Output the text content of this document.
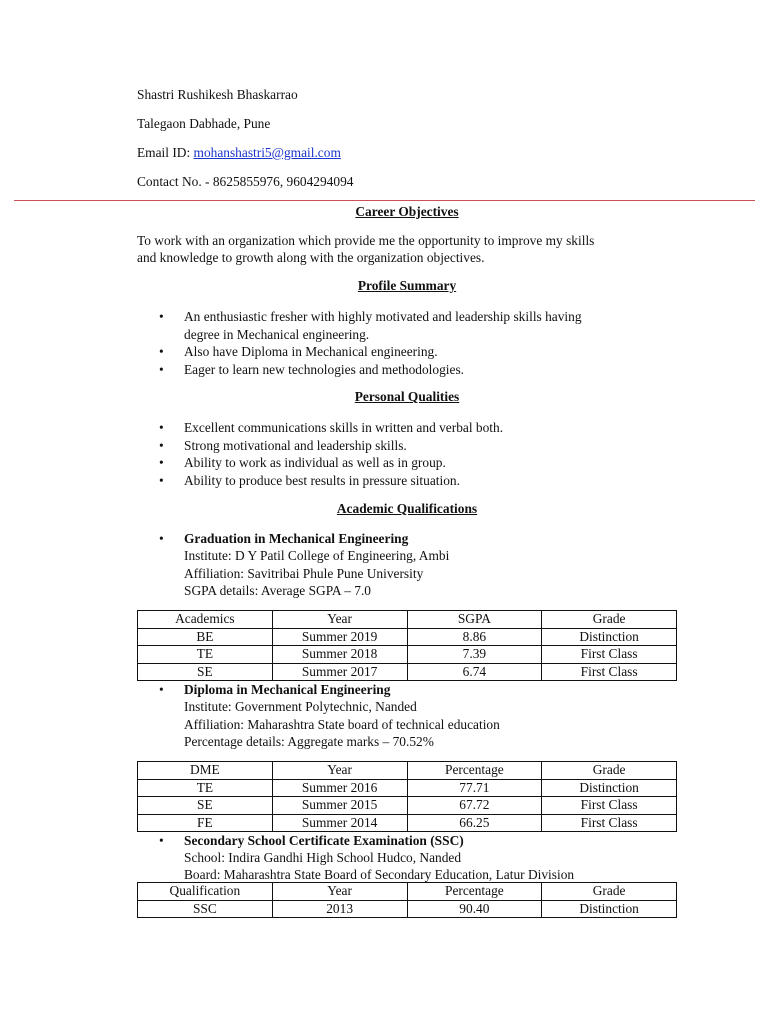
Shastri Rushikesh Bhaskarrao
Talegaon Dabhade, Pune
Email ID: mohanshastri5@gmail.com
Contact No. - 8625855976, 9604294094
Career Objectives
To work with an organization which provide me the opportunity to improve my skills
and knowledge to growth along with the organization objectives.
Profile Summary
• An enthusiastic fresher with highly motivated and leadership skills having
degree in Mechanical engineering.
• Also have Diploma in Mechanical engineering.
• Eager to learn new technologies and methodologies.
Personal Qualities
• Excellent communications skills in written and verbal both.
• Strong motivational and leadership skills.
• Ability to work as individual as well as in group.
• Ability to produce best results in pressure situation.
Academic Qualifications
• Graduation in Mechanical Engineering
Institute: D Y Patil College of Engineering, Ambi
Affiliation: Savitribai Phule Pune University
SGPA details: Average SGPA – 7.0
Academics	Year	SGPA	Grade
BE	Summer 2019	8.86	Distinction
TE	Summer 2018	7.39	First Class
SE	Summer 2017	6.74	First Class
• Diploma in Mechanical Engineering
Institute: Government Polytechnic, Nanded
Affiliation: Maharashtra State board of technical education
Percentage details: Aggregate marks – 70.52%
DME	Year	Percentage	Grade
TE	Summer 2016	77.71	Distinction
SE	Summer 2015	67.72	First Class
FE	Summer 2014	66.25	First Class
• Secondary School Certificate Examination (SSC)
School: Indira Gandhi High School Hudco, Nanded
Board: Maharashtra State Board of Secondary Education, Latur Division
Qualification	Year	Percentage	Grade
SSC	2013	90.40	Distinction
